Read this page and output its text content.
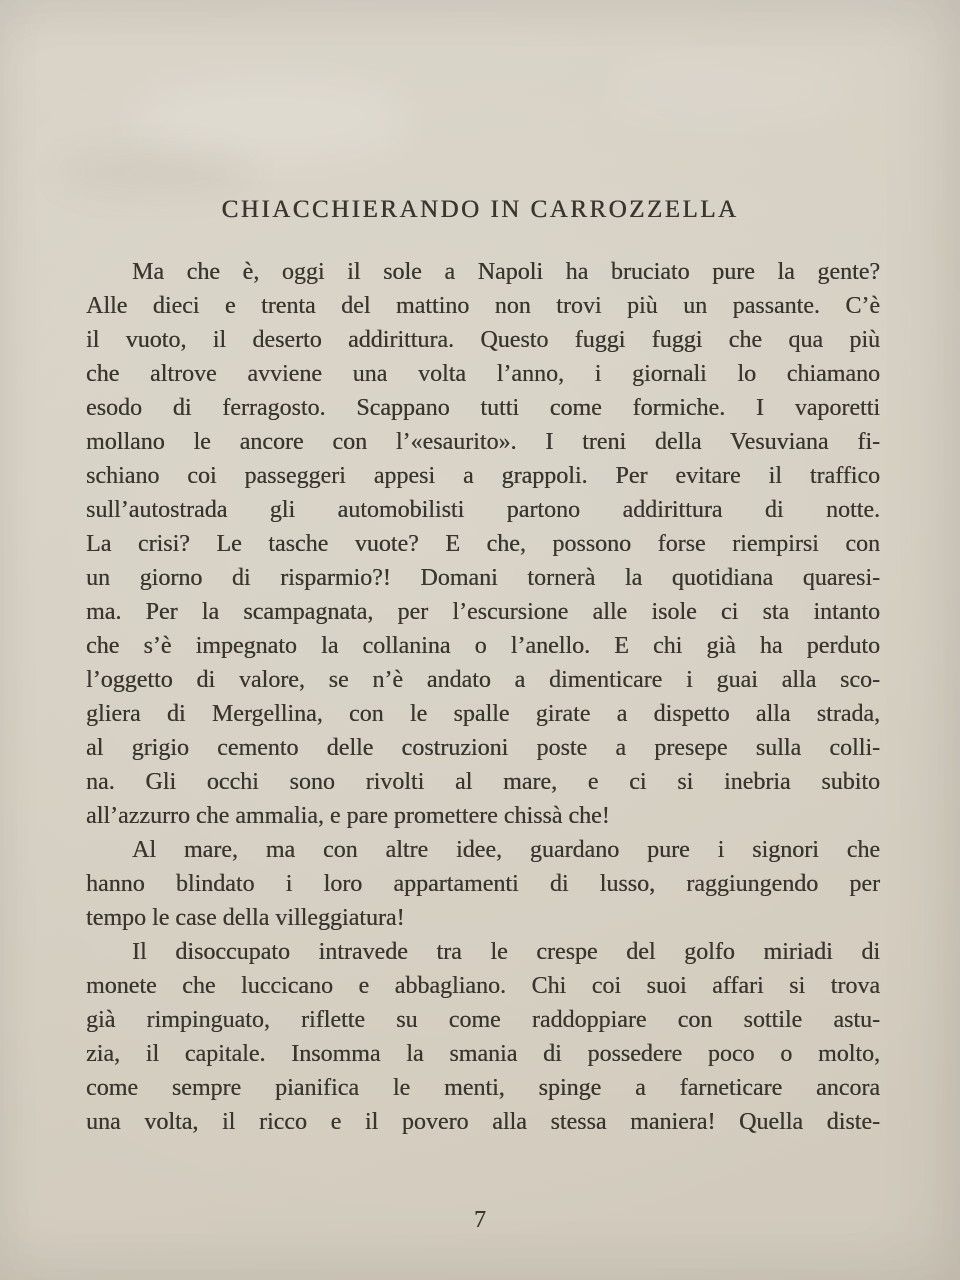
CHIACCHIERANDO IN CARROZZELLA
Ma che è, oggi il sole a Napoli ha bruciato pure la gente?
Alle dieci e trenta del mattino non trovi più un passante. C’è
il vuoto, il deserto addirittura. Questo fuggi fuggi che qua più
che altrove avviene una volta l’anno, i giornali lo chiamano
esodo di ferragosto. Scappano tutti come formiche. I vaporetti
mollano le ancore con l’«esaurito». I treni della Vesuviana fi-
schiano coi passeggeri appesi a grappoli. Per evitare il traffico
sull’autostrada gli automobilisti partono addirittura di notte.
La crisi? Le tasche vuote? E che, possono forse riempirsi con
un giorno di risparmio?! Domani tornerà la quotidiana quaresi-
ma. Per la scampagnata, per l’escursione alle isole ci sta intanto
che s’è impegnato la collanina o l’anello. E chi già ha perduto
l’oggetto di valore, se n’è andato a dimenticare i guai alla sco-
gliera di Mergellina, con le spalle girate a dispetto alla strada,
al grigio cemento delle costruzioni poste a presepe sulla colli-
na. Gli occhi sono rivolti al mare, e ci si inebria subito
all’azzurro che ammalia, e pare promettere chissà che!
Al mare, ma con altre idee, guardano pure i signori che
hanno blindato i loro appartamenti di lusso, raggiungendo per
tempo le case della villeggiatura!
Il disoccupato intravede tra le crespe del golfo miriadi di
monete che luccicano e abbagliano. Chi coi suoi affari si trova
già rimpinguato, riflette su come raddoppiare con sottile astu-
zia, il capitale. Insomma la smania di possedere poco o molto,
come sempre pianifica le menti, spinge a farneticare ancora
una volta, il ricco e il povero alla stessa maniera! Quella diste-
7
